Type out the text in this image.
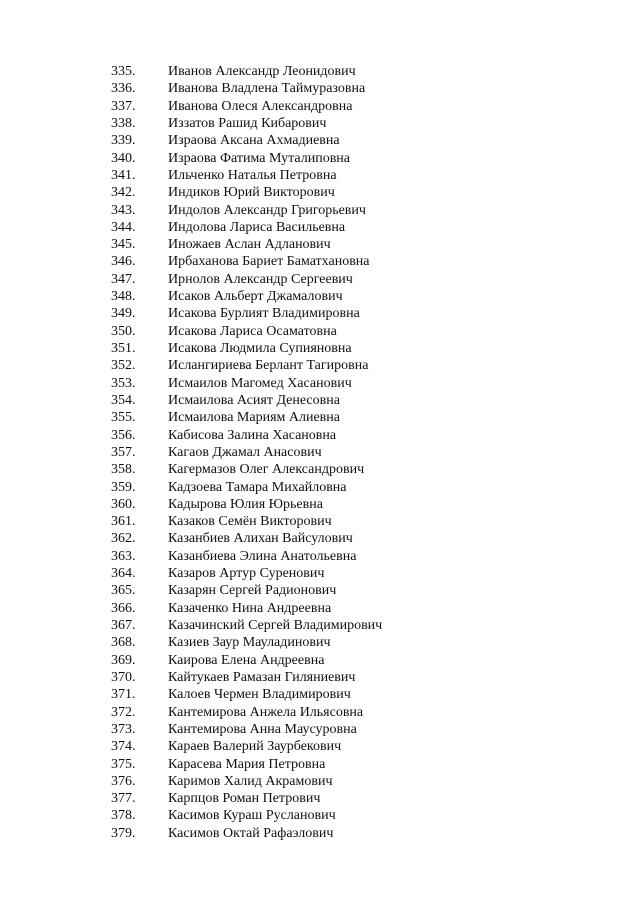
335.	Иванов Александр Леонидович
336.	Иванова Владлена Таймуразовна
337.	Иванова Олеся Александровна
338.	Иззатов Рашид Кибарович
339.	Израова Аксана Ахмадиевна
340.	Израова Фатима Муталиповна
341.	Ильченко Наталья Петровна
342.	Индиков Юрий Викторович
343.	Индолов Александр Григорьевич
344.	Индолова Лариса Васильевна
345.	Иножаев Аслан Адланович
346.	Ирбаханова Бариет Баматхановна
347.	Ирнолов Александр Сергеевич
348.	Исаков Альберт Джамалович
349.	Исакова Бурлият Владимировна
350.	Исакова Лариса Осаматовна
351.	Исакова Людмила Супияновна
352.	Ислангириева Берлант Тагировна
353.	Исмаилов Магомед Хасанович
354.	Исмаилова Асият Денесовна
355.	Исмаилова Мариям Алиевна
356.	Кабисова Залина Хасановна
357.	Кагаов Джамал Анасович
358.	Кагермазов Олег Александрович
359.	Кадзоева Тамара Михайловна
360.	Кадырова Юлия Юрьевна
361.	Казаков Семён Викторович
362.	Казанбиев Алихан Вайсулович
363.	Казанбиева Элина Анатольевна
364.	Казаров Артур Суренович
365.	Казарян Сергей Радионович
366.	Казаченко Нина Андреевна
367.	Казачинский Сергей Владимирович
368.	Казиев Заур Мауладинович
369.	Каирова Елена Андреевна
370.	Кайтукаев Рамазан Гиляниевич
371.	Калоев Чермен Владимирович
372.	Кантемирова Анжела Ильясовна
373.	Кантемирова Анна Маусуровна
374.	Караев Валерий Заурбекович
375.	Карасева Мария Петровна
376.	Каримов Халид Акрамович
377.	Карпцов Роман Петрович
378.	Касимов Кураш Русланович
379.	Касимов Октай Рафаэлович
